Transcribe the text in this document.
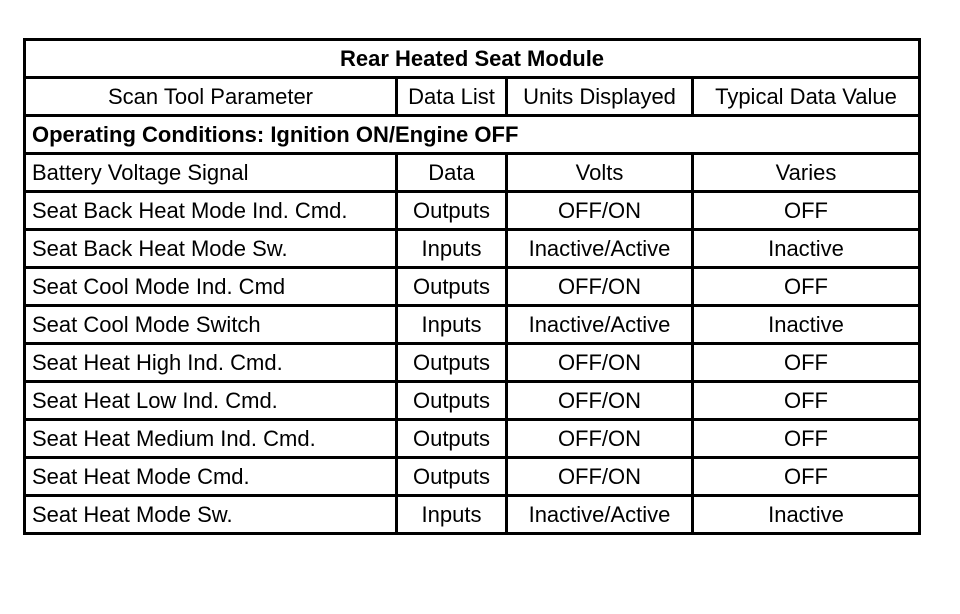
Rear Heated Seat Module			
Scan Tool Parameter	Data List	Units Displayed	Typical Data Value
Operating Conditions: Ignition ON/Engine OFF			
Battery Voltage Signal	Data	Volts	Varies
Seat Back Heat Mode Ind. Cmd.	Outputs	OFF/ON	OFF
Seat Back Heat Mode Sw.	Inputs	Inactive/Active	Inactive
Seat Cool Mode Ind. Cmd	Outputs	OFF/ON	OFF
Seat Cool Mode Switch	Inputs	Inactive/Active	Inactive
Seat Heat High Ind. Cmd.	Outputs	OFF/ON	OFF
Seat Heat Low Ind. Cmd.	Outputs	OFF/ON	OFF
Seat Heat Medium Ind. Cmd.	Outputs	OFF/ON	OFF
Seat Heat Mode Cmd.	Outputs	OFF/ON	OFF
Seat Heat Mode Sw.	Inputs	Inactive/Active	Inactive
